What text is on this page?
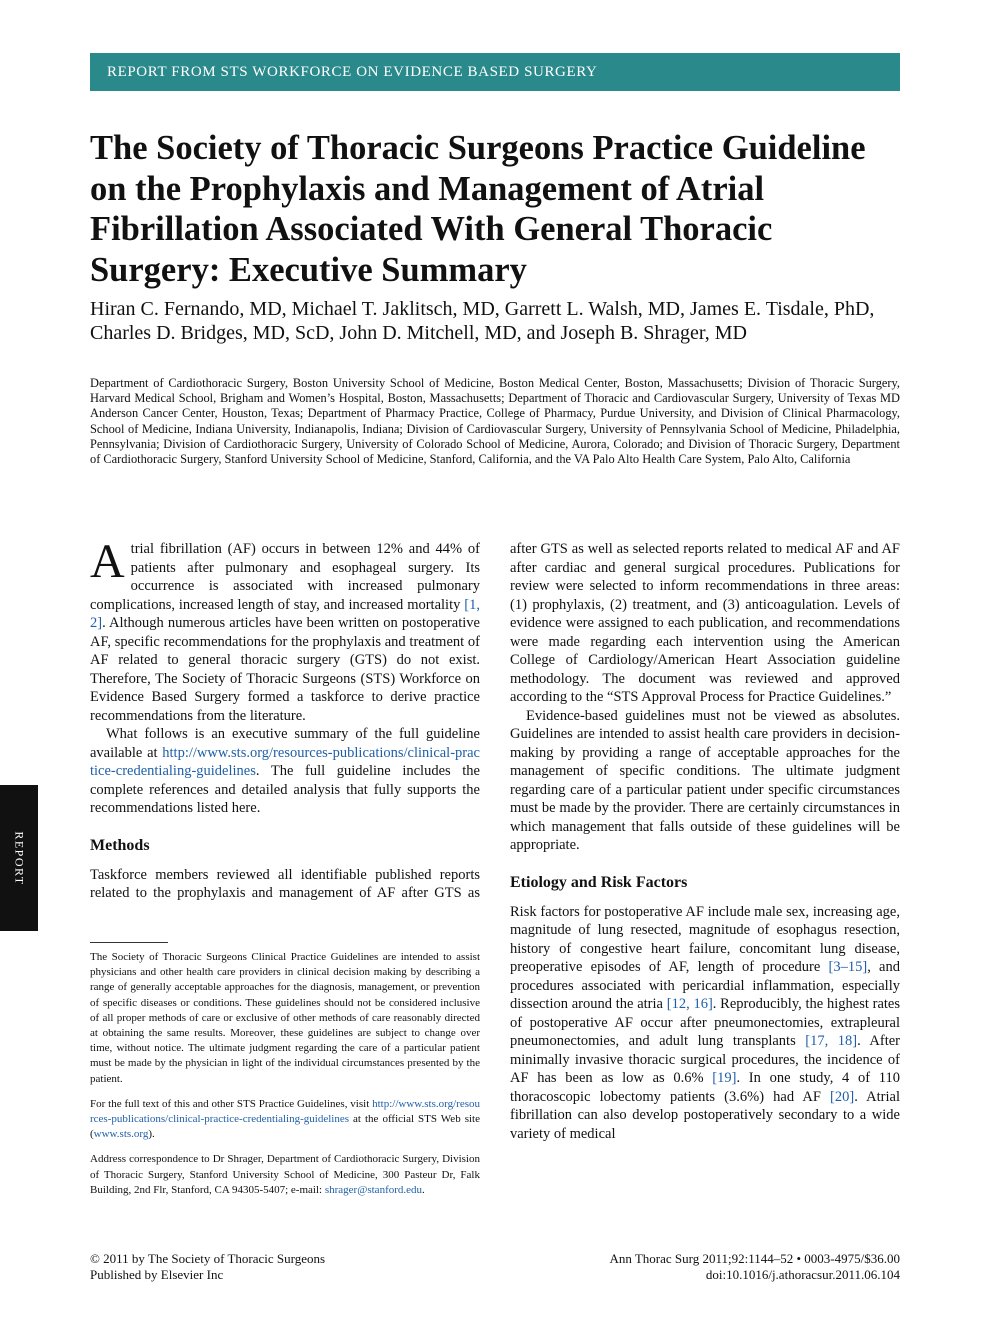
REPORT FROM STS WORKFORCE ON EVIDENCE BASED SURGERY
The Society of Thoracic Surgeons Practice Guideline on the Prophylaxis and Management of Atrial Fibrillation Associated With General Thoracic Surgery: Executive Summary
Hiran C. Fernando, MD, Michael T. Jaklitsch, MD, Garrett L. Walsh, MD, James E. Tisdale, PhD, Charles D. Bridges, MD, ScD, John D. Mitchell, MD, and Joseph B. Shrager, MD
Department of Cardiothoracic Surgery, Boston University School of Medicine, Boston Medical Center, Boston, Massachusetts; Division of Thoracic Surgery, Harvard Medical School, Brigham and Women’s Hospital, Boston, Massachusetts; Department of Thoracic and Cardiovascular Surgery, University of Texas MD Anderson Cancer Center, Houston, Texas; Department of Pharmacy Practice, College of Pharmacy, Purdue University, and Division of Clinical Pharmacology, School of Medicine, Indiana University, Indianapolis, Indiana; Division of Cardiovascular Surgery, University of Pennsylvania School of Medicine, Philadelphia, Pennsylvania; Division of Cardiothoracic Surgery, University of Colorado School of Medicine, Aurora, Colorado; and Division of Thoracic Surgery, Department of Cardiothoracic Surgery, Stanford University School of Medicine, Stanford, California, and the VA Palo Alto Health Care System, Palo Alto, California

Atrial fibrillation (AF) occurs in between 12% and 44% of patients after pulmonary and esophageal surgery. Its occurrence is associated with increased pulmonary complications, increased length of stay, and increased mortality [1, 2]. Although numerous articles have been written on postoperative AF, specific recommendations for the prophylaxis and treatment of AF related to general thoracic surgery (GTS) do not exist. Therefore, The Society of Thoracic Surgeons (STS) Workforce on Evidence Based Surgery formed a taskforce to derive practice recommendations from the literature.

What follows is an executive summary of the full guideline available at http://www.sts.org/resources-publications/clinical-practice-credentialing-guidelines. The full guideline includes the complete references and detailed analysis that fully supports the recommendations listed here.

Methods

Taskforce members reviewed all identifiable published reports related to the prophylaxis and management of AF after GTS as

after GTS as well as selected reports related to medical AF and AF after cardiac and general surgical procedures. Publications for review were selected to inform recommendations in three areas: (1) prophylaxis, (2) treatment, and (3) anticoagulation. Levels of evidence were assigned to each publication, and recommendations were made regarding each intervention using the American College of Cardiology/American Heart Association guideline methodology. The document was reviewed and approved according to the “STS Approval Process for Practice Guidelines.”

Evidence-based guidelines must not be viewed as absolutes. Guidelines are intended to assist health care providers in decision-making by providing a range of acceptable approaches for the management of specific conditions. The ultimate judgment regarding care of a particular patient under specific circumstances must be made by the provider. There are certainly circumstances in which management that falls outside of these guidelines will be appropriate.

Etiology and Risk Factors

Risk factors for postoperative AF include male sex, increasing age, magnitude of lung resected, magnitude of esophagus resection, history of congestive heart failure, concomitant lung disease, preoperative episodes of AF, length of procedure [3–15], and procedures associated with pericardial inflammation, especially dissection around the atria [12, 16]. Reproducibly, the highest rates of postoperative AF occur after pneumonectomies, extrapleural pneumonectomies, and adult lung transplants [17, 18]. After minimally invasive thoracic surgical procedures, the incidence of AF has been as low as 0.6% [19]. In one study, 4 of 110 thoracoscopic lobectomy patients (3.6%) had AF [20]. Atrial fibrillation can also develop postoperatively secondary to a wide variety of medical

REPORT

The Society of Thoracic Surgeons Clinical Practice Guidelines are intended to assist physicians and other health care providers in clinical decision making by describing a range of generally acceptable approaches for the diagnosis, management, or prevention of specific diseases or conditions. These guidelines should not be considered inclusive of all proper methods of care or exclusive of other methods of care reasonably directed at obtaining the same results. Moreover, these guidelines are subject to change over time, without notice. The ultimate judgment regarding the care of a particular patient must be made by the physician in light of the individual circumstances presented by the patient.

For the full text of this and other STS Practice Guidelines, visit http://www.sts.org/resources-publications/clinical-practice-credentialing-guidelines at the official STS Web site (www.sts.org).

Address correspondence to Dr Shrager, Department of Cardiothoracic Surgery, Division of Thoracic Surgery, Stanford University School of Medicine, 300 Pasteur Dr, Falk Building, 2nd Flr, Stanford, CA 94305-5407; e-mail: shrager@stanford.edu.

© 2011 by The Society of Thoracic Surgeons
Published by Elsevier Inc
Ann Thorac Surg 2011;92:1144–52 • 0003-4975/$36.00
doi:10.1016/j.athoracsur.2011.06.104
